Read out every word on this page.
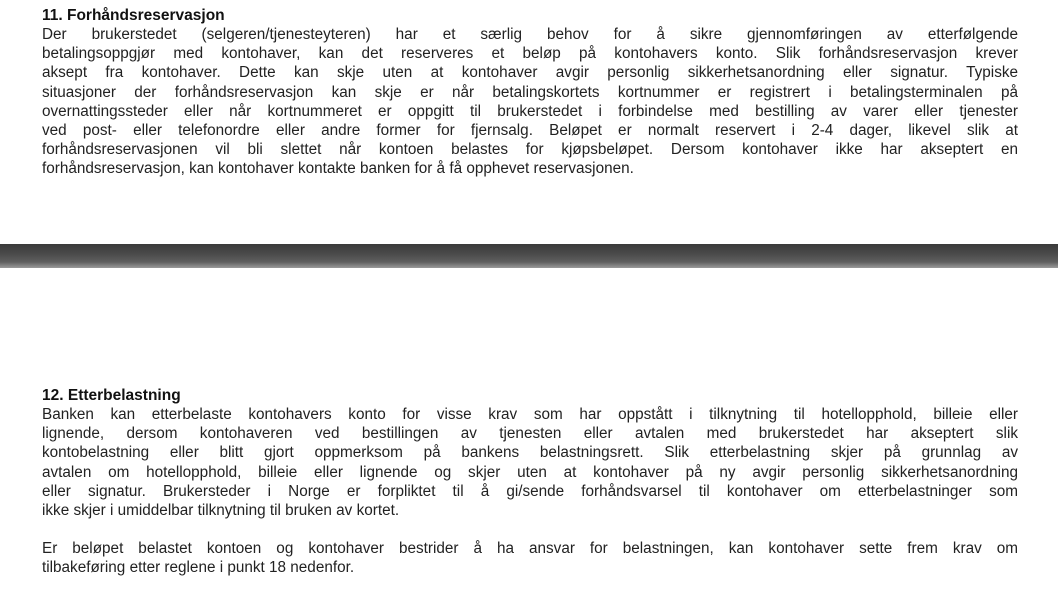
11. Forhåndsreservasjon

Der brukerstedet (selgeren/tjenesteyteren) har et særlig behov for å sikre gjennomføringen av etterfølgende
betalingsoppgjør med kontohaver, kan det reserveres et beløp på kontohavers konto. Slik forhåndsreservasjon krever
aksept fra kontohaver. Dette kan skje uten at kontohaver avgir personlig sikkerhetsanordning eller signatur. Typiske
situasjoner der forhåndsreservasjon kan skje er når betalingskortets kortnummer er registrert i betalingsterminalen på
overnattingssteder eller når kortnummeret er oppgitt til brukerstedet i forbindelse med bestilling av varer eller tjenester
ved post- eller telefonordre eller andre former for fjernsalg. Beløpet er normalt reservert i 2-4 dager, likevel slik at
forhåndsreservasjonen vil bli slettet når kontoen belastes for kjøpsbeløpet. Dersom kontohaver ikke har akseptert en
forhåndsreservasjon, kan kontohaver kontakte banken for å få opphevet reservasjonen.

12. Etterbelastning

Banken kan etterbelaste kontohavers konto for visse krav som har oppstått i tilknytning til hotellopphold, billeie eller
lignende, dersom kontohaveren ved bestillingen av tjenesten eller avtalen med brukerstedet har akseptert slik
kontobelastning eller blitt gjort oppmerksom på bankens belastningsrett. Slik etterbelastning skjer på grunnlag av
avtalen om hotellopphold, billeie eller lignende og skjer uten at kontohaver på ny avgir personlig sikkerhetsanordning
eller signatur. Brukersteder i Norge er forpliktet til å gi/sende forhåndsvarsel til kontohaver om etterbelastninger som
ikke skjer i umiddelbar tilknytning til bruken av kortet.

Er beløpet belastet kontoen og kontohaver bestrider å ha ansvar for belastningen, kan kontohaver sette frem krav om
tilbakeføring etter reglene i punkt 18 nedenfor.
